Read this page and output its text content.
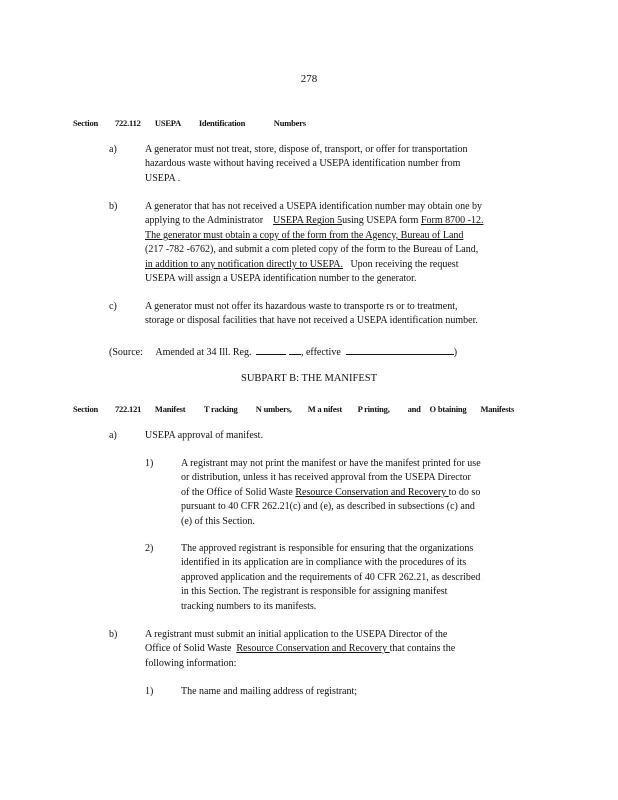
278
Section 722.112 USEPA Identification	Numbers
a)	A generator must not treat, store, dispose of, transport, or offer for transportation
hazardous waste without having received a USEPA identification number from
USEPA .
b)	A generator that has not received a USEPA identification number may obtain one by
applying to the Administrator USEPA Region 5using USEPA form Form 8700 -12.
The generator must obtain a copy of the form from the Agency, Bureau of Land
(217 -782 -6762), and submit a com pleted copy of the form to the Bureau of Land,
in addition to any notification directly to USEPA. Upon receiving the request
USEPA will assign a USEPA identification number to the generator.
c)	A generator must not offer its hazardous waste to transporte rs or to treatment,
storage or disposal facilities that have not received a USEPA identification number.
(Source: Amended at 34 Ill. Reg.	, effective	)
SUBPART B: THE MANIFEST
Section 722.121 Manifest T racking N umbers, M a nifest P rinting, and O btaining Manifests
a)	USEPA approval of manifest.
1)	A registrant may not print the manifest or have the manifest printed for use
or distribution, unless it has received approval from the USEPA Director
of the Office of Solid Waste Resource Conservation and Recovery to do so
pursuant to 40 CFR 262.21(c) and (e), as described in subsections (c) and
(e) of this Section.
2)	The approved registrant is responsible for ensuring that the organizations
identified in its application are in compliance with the procedures of its
approved application and the requirements of 40 CFR 262.21, as described
in this Section. The registrant is responsible for assigning manifest
tracking numbers to its manifests.
b)	A registrant must submit an initial application to the USEPA Director of the
Office of Solid Waste Resource Conservation and Recovery that contains the
following information:
1)	The name and mailing address of registrant;
